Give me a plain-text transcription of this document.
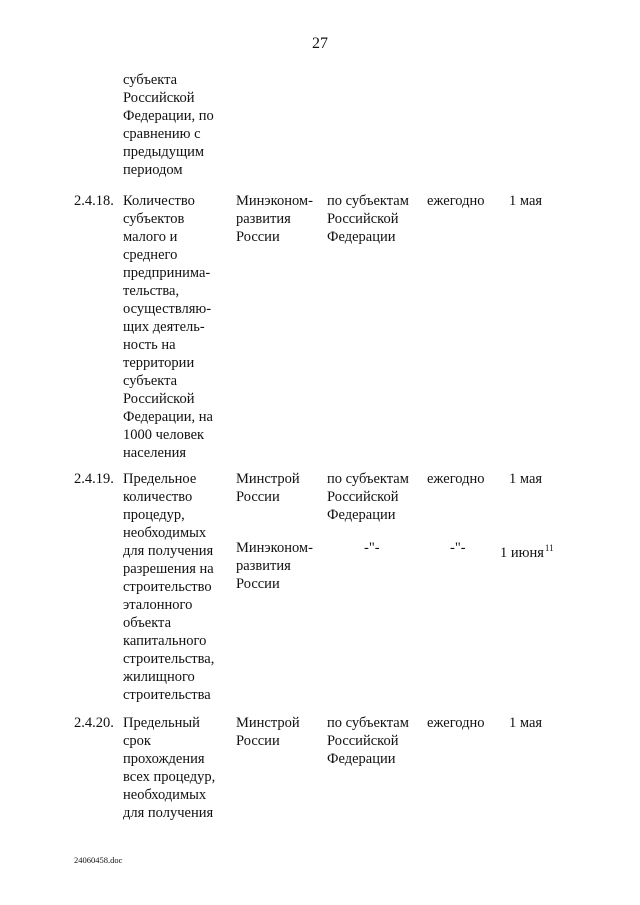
27
субъекта
Российской
Федерации, по
сравнению с
предыдущим
периодом
2.4.18. Количество
субъектов
малого и
среднего
предпринима-
тельства,
осуществляю-
щих деятель-
ность на
территории
субъекта
Российской
Федерации, на
1000 человек
населения
Минэконом-
развития
России
по субъектам
Российской
Федерации
ежегодно 1 мая
2.4.19. Предельное
количество
процедур,
необходимых
для получения
разрешения на
строительство
эталонного
объекта
капитального
строительства,
жилищного
строительства
Минстрой
России
по субъектам
Российской
Федерации
ежегодно 1 мая
Минэконом-
развития
России
-"-	-"- 1 июня$^{11}$
2.4.20. Предельный
срок
прохождения
всех процедур,
необходимых
для получения
Минстрой
России
по субъектам
Российской
Федерации
ежегодно 1 мая
24060458.doc
